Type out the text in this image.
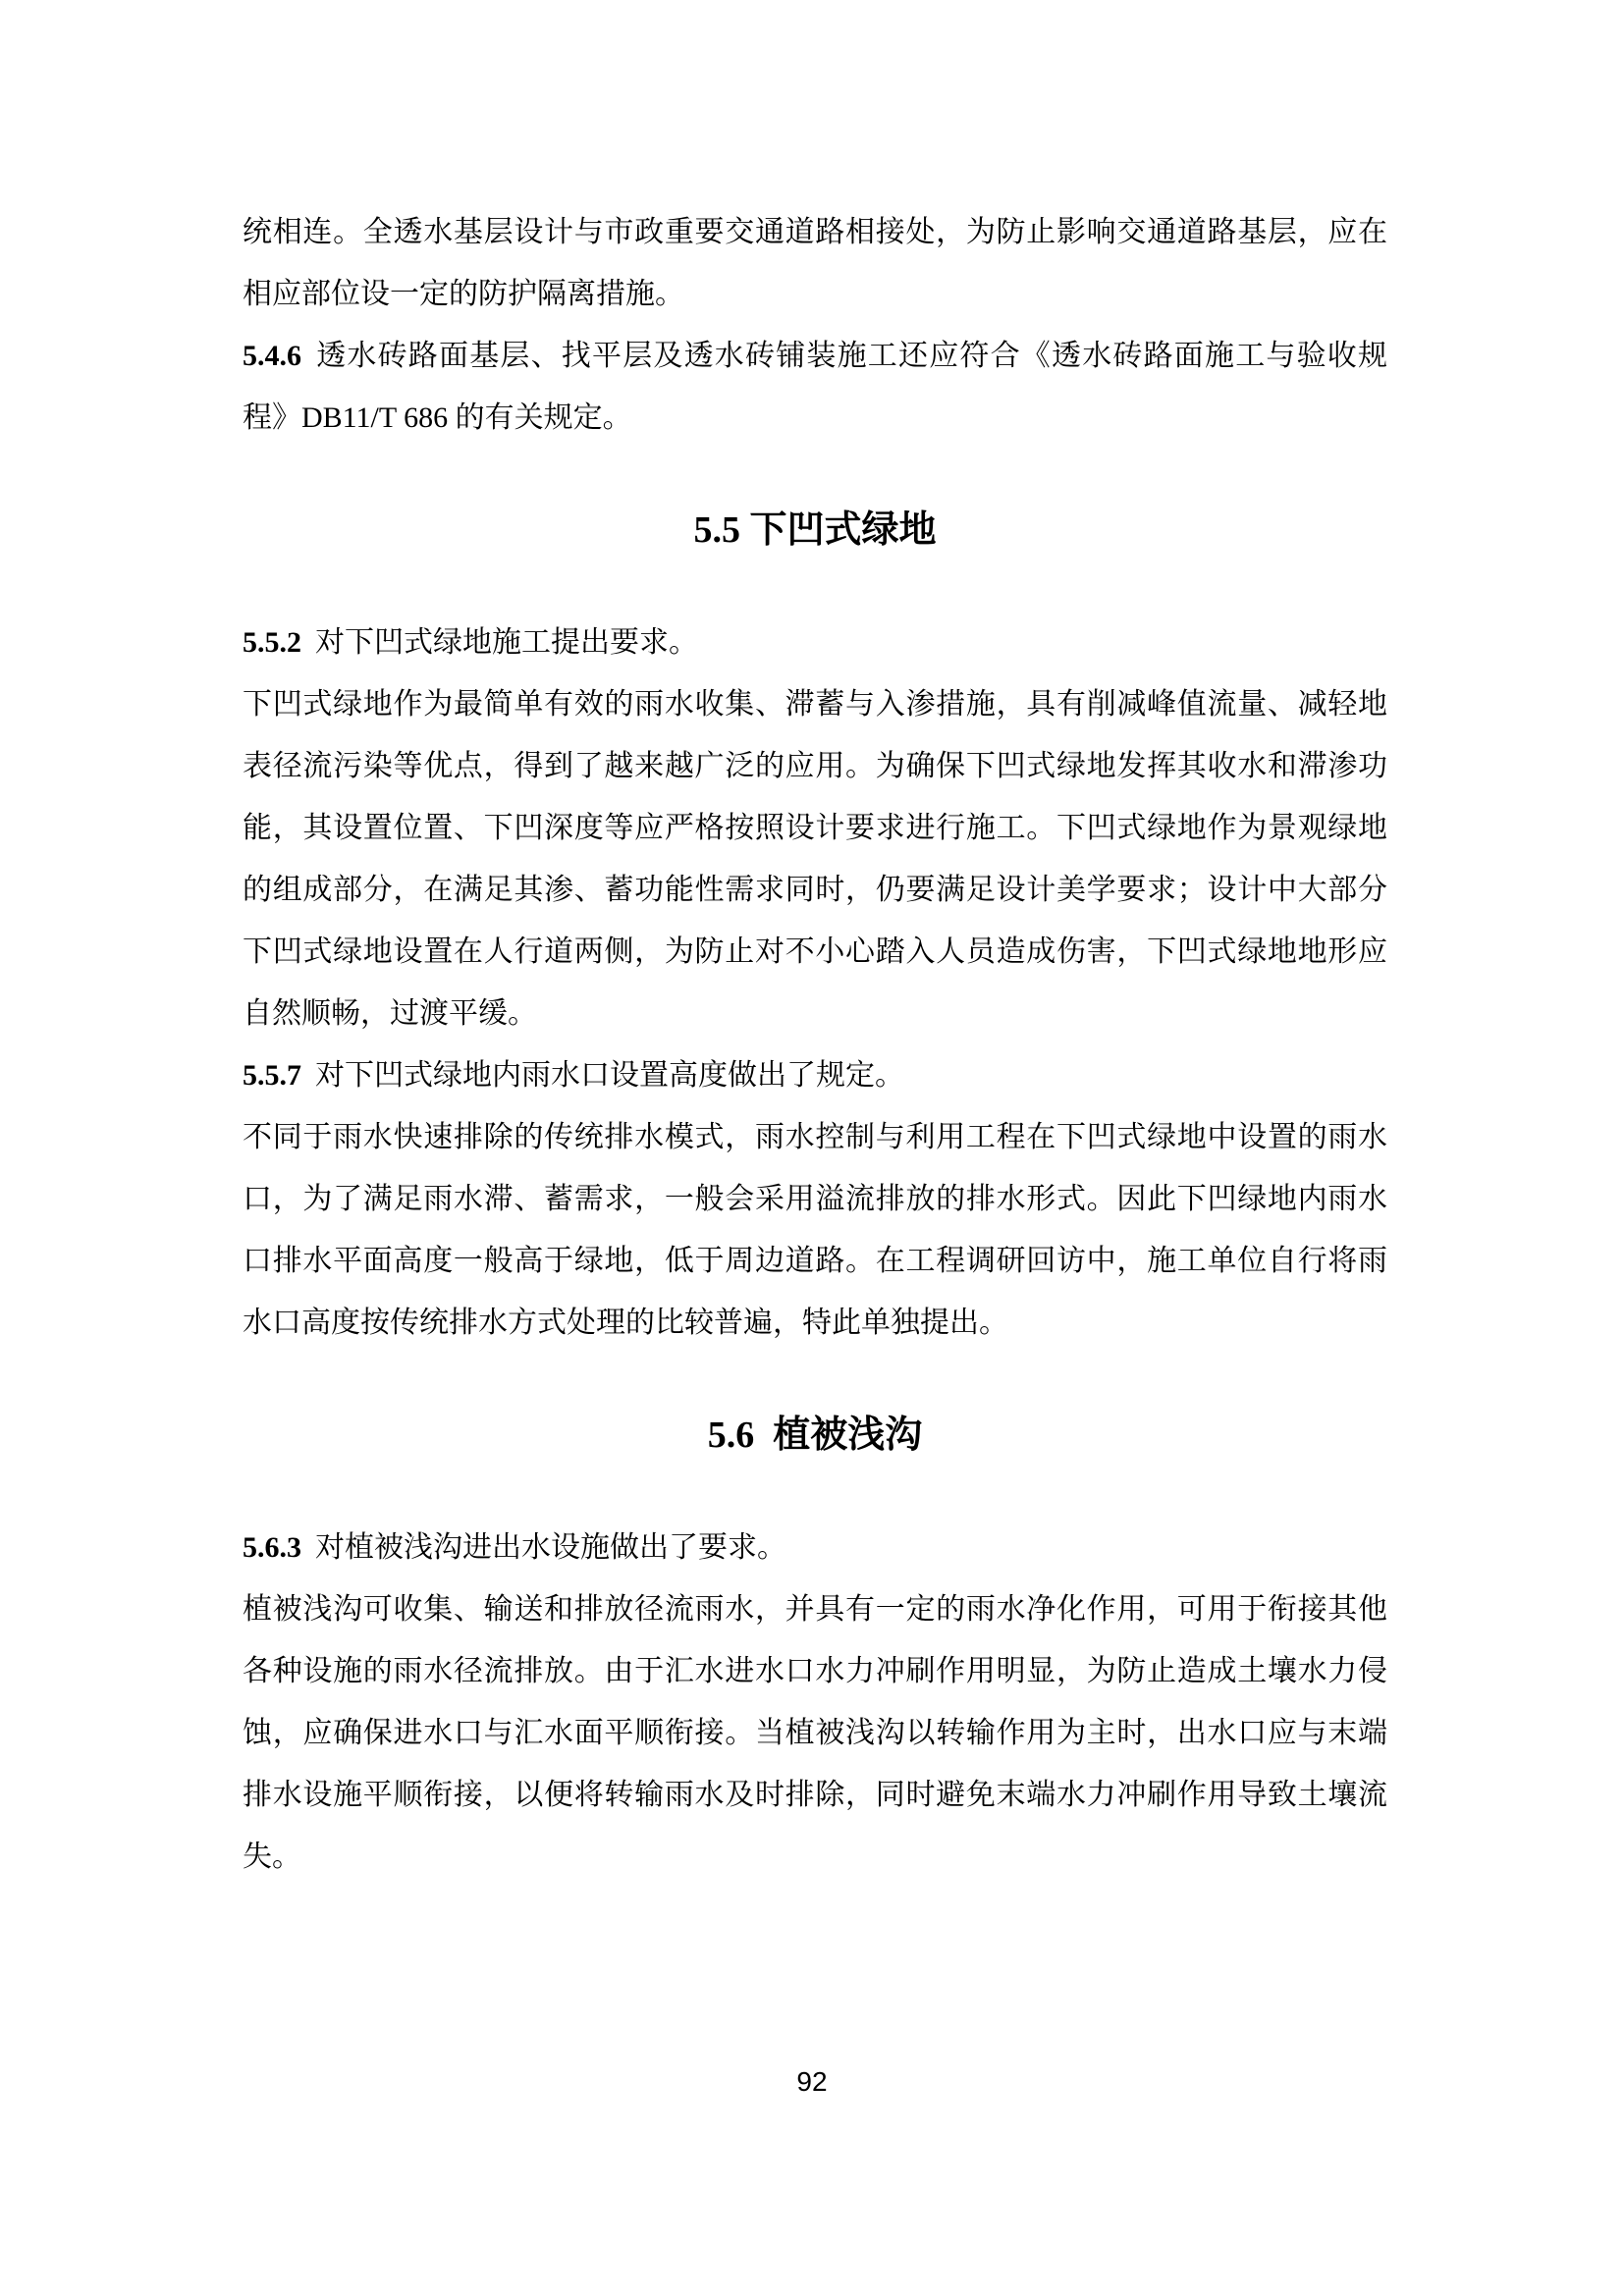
统相连。全透水基层设计与市政重要交通道路相接处，为防止影响交通道路基层，应在相应部位设一定的防护隔离措施。

5.4.6 透水砖路面基层、找平层及透水砖铺装施工还应符合《透水砖路面施工与验收规程》DB11/T 686 的有关规定。

5.5 下凹式绿地

5.5.2 对下凹式绿地施工提出要求。

下凹式绿地作为最简单有效的雨水收集、滞蓄与入渗措施，具有削减峰值流量、减轻地表径流污染等优点，得到了越来越广泛的应用。为确保下凹式绿地发挥其收水和滞渗功能，其设置位置、下凹深度等应严格按照设计要求进行施工。下凹式绿地作为景观绿地的组成部分，在满足其渗、蓄功能性需求同时，仍要满足设计美学要求；设计中大部分下凹式绿地设置在人行道两侧，为防止对不小心踏入人员造成伤害，下凹式绿地地形应自然顺畅，过渡平缓。

5.5.7 对下凹式绿地内雨水口设置高度做出了规定。

不同于雨水快速排除的传统排水模式，雨水控制与利用工程在下凹式绿地中设置的雨水口，为了满足雨水滞、蓄需求，一般会采用溢流排放的排水形式。因此下凹绿地内雨水口排水平面高度一般高于绿地，低于周边道路。在工程调研回访中，施工单位自行将雨水口高度按传统排水方式处理的比较普遍，特此单独提出。

5.6  植被浅沟

5.6.3 对植被浅沟进出水设施做出了要求。

植被浅沟可收集、输送和排放径流雨水，并具有一定的雨水净化作用，可用于衔接其他各种设施的雨水径流排放。由于汇水进水口水力冲刷作用明显，为防止造成土壤水力侵蚀，应确保进水口与汇水面平顺衔接。当植被浅沟以转输作用为主时，出水口应与末端排水设施平顺衔接，以便将转输雨水及时排除，同时避免末端水力冲刷作用导致土壤流失。

92
